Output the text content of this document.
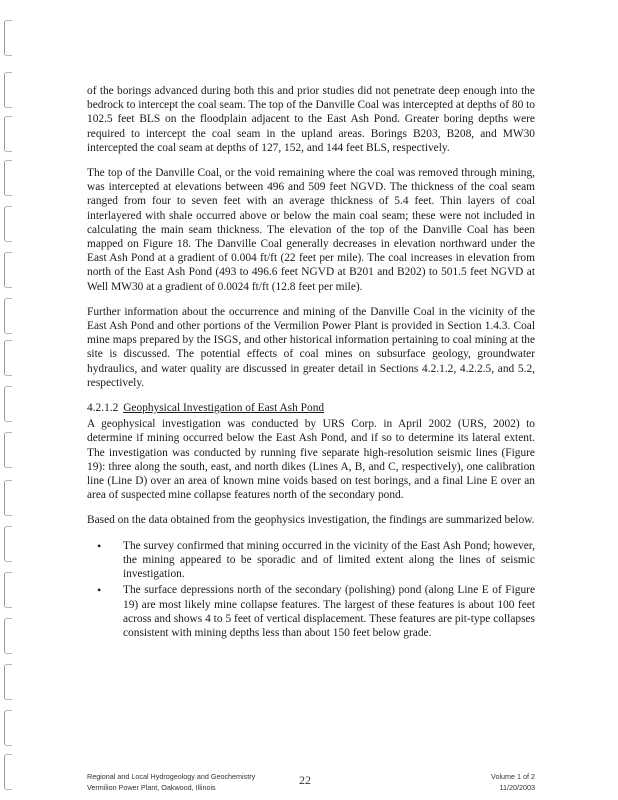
of the borings advanced during both this and prior studies did not penetrate deep enough into the bedrock to intercept the coal seam. The top of the Danville Coal was intercepted at depths of 80 to 102.5 feet BLS on the floodplain adjacent to the East Ash Pond. Greater boring depths were required to intercept the coal seam in the upland areas. Borings B203, B208, and MW30 intercepted the coal seam at depths of 127, 152, and 144 feet BLS, respectively.

The top of the Danville Coal, or the void remaining where the coal was removed through mining, was intercepted at elevations between 496 and 509 feet NGVD. The thickness of the coal seam ranged from four to seven feet with an average thickness of 5.4 feet. Thin layers of coal interlayered with shale occurred above or below the main coal seam; these were not included in calculating the main seam thickness. The elevation of the top of the Danville Coal has been mapped on Figure 18. The Danville Coal generally decreases in elevation northward under the East Ash Pond at a gradient of 0.004 ft/ft (22 feet per mile). The coal increases in elevation from north of the East Ash Pond (493 to 496.6 feet NGVD at B201 and B202) to 501.5 feet NGVD at Well MW30 at a gradient of 0.0024 ft/ft (12.8 feet per mile).

Further information about the occurrence and mining of the Danville Coal in the vicinity of the East Ash Pond and other portions of the Vermilion Power Plant is provided in Section 1.4.3. Coal mine maps prepared by the ISGS, and other historical information pertaining to coal mining at the site is discussed. The potential effects of coal mines on subsurface geology, groundwater hydraulics, and water quality are discussed in greater detail in Sections 4.2.1.2, 4.2.2.5, and 5.2, respectively.

4.2.1.2 Geophysical Investigation of East Ash Pond

A geophysical investigation was conducted by URS Corp. in April 2002 (URS, 2002) to determine if mining occurred below the East Ash Pond, and if so to determine its lateral extent. The investigation was conducted by running five separate high-resolution seismic lines (Figure 19): three along the south, east, and north dikes (Lines A, B, and C, respectively), one calibration line (Line D) over an area of known mine voids based on test borings, and a final Line E over an area of suspected mine collapse features north of the secondary pond.

Based on the data obtained from the geophysics investigation, the findings are summarized below.

• The survey confirmed that mining occurred in the vicinity of the East Ash Pond; however, the mining appeared to be sporadic and of limited extent along the lines of seismic investigation.
• The surface depressions north of the secondary (polishing) pond (along Line E of Figure 19) are most likely mine collapse features. The largest of these features is about 100 feet across and shows 4 to 5 feet of vertical displacement. These features are pit-type collapses consistent with mining depths less than about 150 feet below grade.
Regional and Local Hydrogeology and Geochemistry
Vermilion Power Plant, Oakwood, Illinois
22	Volume 1 of 2
11/20/2003
